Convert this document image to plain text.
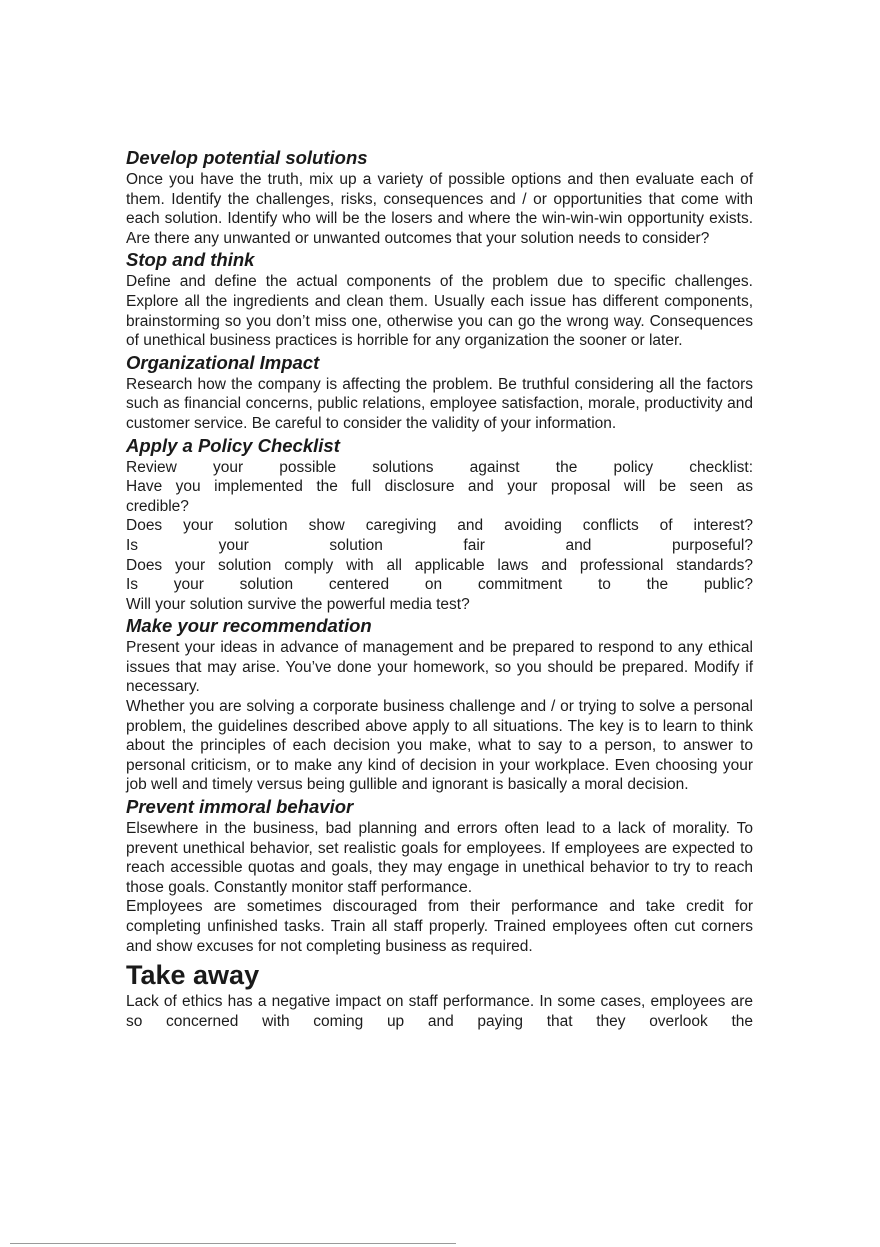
Develop potential solutions

Once you have the truth, mix up a variety of possible options and then evaluate each of them. Identify the challenges, risks, consequences and / or opportunities that come with each solution. Identify who will be the losers and where the win-win-win opportunity exists. Are there any unwanted or unwanted outcomes that your solution needs to consider?

Stop and think

Define and define the actual components of the problem due to specific challenges. Explore all the ingredients and clean them. Usually each issue has different components, brainstorming so you don’t miss one, otherwise you can go the wrong way. Consequences of unethical business practices is horrible for any organization the sooner or later.

Organizational Impact

Research how the company is affecting the problem. Be truthful considering all the factors such as financial concerns, public relations, employee satisfaction, morale, productivity and customer service. Be careful to consider the validity of your information.

Apply a Policy Checklist
Review your possible solutions against the policy checklist:
Have you implemented the full disclosure and your proposal will be seen as
credible?
Does your solution show caregiving and avoiding conflicts of interest?
Is your solution fair and purposeful?
Does your solution comply with all applicable laws and professional standards?
Is your solution centered on commitment to the public?
Will your solution survive the powerful media test?
Make your recommendation

Present your ideas in advance of management and be prepared to respond to any ethical issues that may arise. You’ve done your homework, so you should be prepared. Modify if necessary.

Whether you are solving a corporate business challenge and / or trying to solve a personal problem, the guidelines described above apply to all situations. The key is to learn to think about the principles of each decision you make, what to say to a person, to answer to personal criticism, or to make any kind of decision in your workplace. Even choosing your job well and timely versus being gullible and ignorant is basically a moral decision.

Prevent immoral behavior

Elsewhere in the business, bad planning and errors often lead to a lack of morality. To prevent unethical behavior, set realistic goals for employees. If employees are expected to reach accessible quotas and goals, they may engage in unethical behavior to try to reach those goals. Constantly monitor staff performance.

Employees are sometimes discouraged from their performance and take credit for completing unfinished tasks. Train all staff properly. Trained employees often cut corners and show excuses for not completing business as required.

Take away

Lack of ethics has a negative impact on staff performance. In some cases, employees are so concerned with coming up and paying that they overlook the
